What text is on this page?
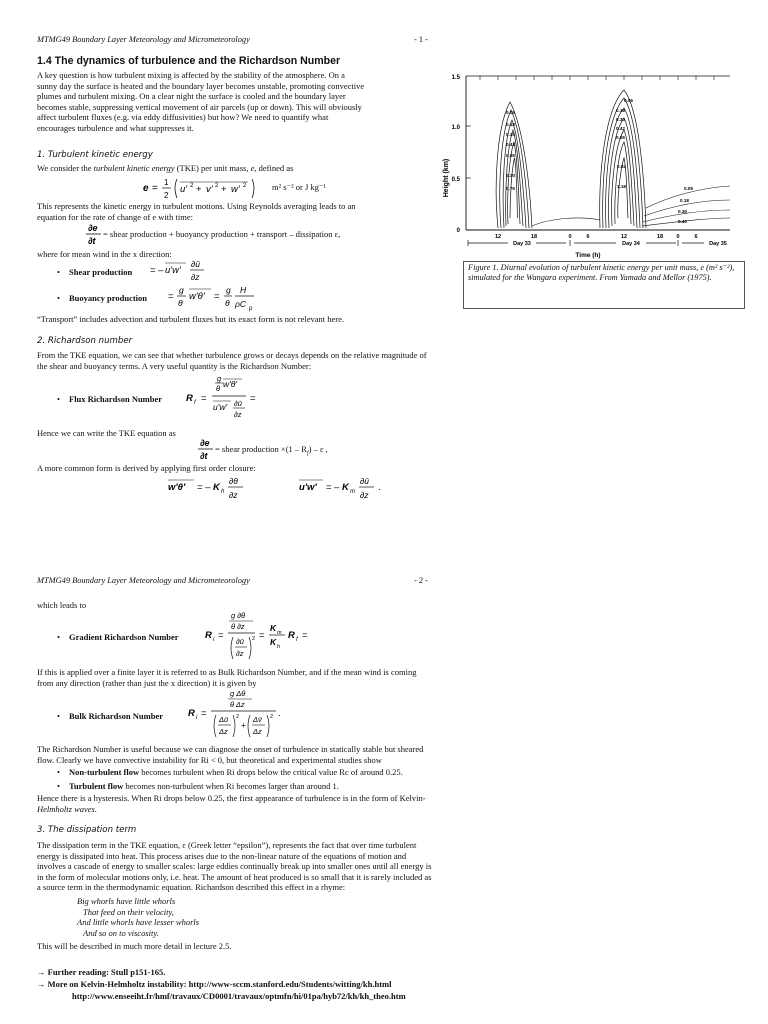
MTMG49 Boundary Layer Meteorology and Micrometeorology	- 1 -
1.4 The dynamics of turbulence and the Richardson Number
A key question is how turbulent mixing is affected by the stability of the atmosphere. On a
sunny day the surface is heated and the boundary layer becomes unstable, promoting convective
plumes and turbulent mixing. On a clear night the surface is cooled and the boundary layer
becomes stable, suppressing vertical movement of air parcels (up or down). This will obviously
affect turbulent fluxes (e.g. via eddy diffusivities) but how? We need to quantify what
encourages turbulence and what suppresses it.
1. Turbulent kinetic energy
We consider the turbulent kinetic energy (TKE) per unit mass, e, defined as
e =
1
2
u' 2 + v' 2 + w' 2	m² s⁻² or J kg⁻¹
This represents the kinetic energy in turbulent motions. Using Reynolds averaging leads to an
equation for the rate of change of e with time:
∂e
∂t
= shear production + buoyancy production + transport – dissipation ε,
where for mean wind in the x direction:
• Shear production = – u'w'
∂ū
∂z
• Buoyancy production =
g
θ
w'θ' =
g
θ
H
ρC p
“Transport” includes advection and turbulent fluxes but its exact form is not relevant here.
2. Richardson number
From the TKE equation, we can see that whether turbulence grows or decays depends on the relative magnitude of
the shear and buoyancy terms. A very useful quantity is the Richardson Number:
• Flux Richardson Number	R f =
g
θ w'θ'
u'w' ∂ū
∂z
=
Hence we can write the TKE equation as
∂e
∂t
= shear production $\times(1 - R_f) - \varepsilon$ ,
A more common form is derived by applying first order closure:
w'θ' = – K h
∂θ
∂z
u'w' = – K m
∂ū
∂z
.
Height (km)
1.5
1.0
0.5
0
0.05
0.18
0.30
0.42
0.55
0.30
0.76
0.05
0.18
0.30
0.42
0.55
0.92
1.18	0.05
0.18
0.30
0.40
12	18	0	6	12	18 0	6
Day 33	Day 34	Day 35
Time (h)
Figure 1. Diurnal evolution of turbulent kinetic energy per unit mass, e (m² s⁻²), simulated for the Wangara experiment. From Yamada and Mellor (1975).
MTMG49 Boundary Layer Meteorology and Micrometeorology	- 2 -
which leads to
• Gradient Richardson Number	R i =
g ∂θ
θ ∂z
∂ū
∂z
2 =
K m
K h
R f =
If this is applied over a finite layer it is referred to as Bulk Richardson Number, and if the mean wind is coming
from any direction (rather than just the x direction) it is given by
• Bulk Richardson Number	R i =
g Δθ
θ Δz
Δū
Δz
2
+
Δv̄
Δz
2 .
The Richardson Number is useful because we can diagnose the onset of turbulence in statically stable but sheared
flow. Clearly we have convective instability for Ri < 0, but theoretical and experimental studies show
• Non-turbulent flow becomes turbulent when Ri drops below the critical value Rc of around 0.25.
• Turbulent flow becomes non-turbulent when Ri becomes larger than around 1.
Hence there is a hysteresis. When Ri drops below 0.25, the first appearance of turbulence is in the form of Kelvin-
Helmholtz waves.
3. The dissipation term
The dissipation term in the TKE equation, ε (Greek letter “epsilon”), represents the fact that over time turbulent
energy is dissipated into heat. This process arises due to the non-linear nature of the equations of motion and
involves a cascade of energy to smaller scales: large eddies continually break up into smaller ones until all energy is
in the form of molecular motions only, i.e. heat. The amount of heat produced is so small that it is rarely included as
a source term in the thermodynamic equation. Richardson described this effect in a rhyme:
Big whorls have little whorls
That feed on their velocity,
And little whorls have lesser whorls
And so on to viscosity.
This will be described in much more detail in lecture 2.5.
→ Further reading: Stull p151-165.
→ More on Kelvin-Helmholtz instability: http://www-sccm.stanford.edu/Students/witting/kh.html
http://www.enseeiht.fr/hmf/travaux/CD0001/travaux/optmfn/hi/01pa/hyb72/kh/kh_theo.htm
